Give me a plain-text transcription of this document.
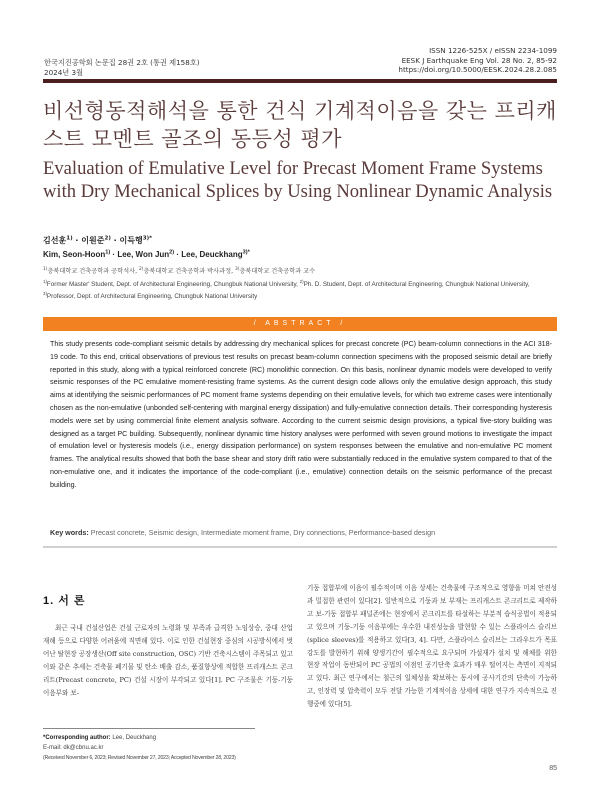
한국지진공학회 논문집 28권 2호 (통권 제158호)
2024년 3월
ISSN 1226-525X / eISSN 2234-1099
EESK J Earthquake Eng Vol. 28 No. 2, 85-92
https://doi.org/10.5000/EESK.2024.28.2.085
비선형동적해석을 통한 건식 기계적이음을 갖는 프리캐스트 모멘트 골조의 동등성 평가
Evaluation of Emulative Level for Precast Moment Frame Systems with Dry Mechanical Splices by Using Nonlinear Dynamic Analysis
김선훈$^{1)}$ · 이원준$^{2)}$ · 이득행$^{3)*}$
Kim, Seon-Hoon$^{1)}$ · Lee, Won Jun$^{2)}$ · Lee, Deuckhang$^{3)*}$
$^{1)}$충북대학교 건축공학과 공학석사, $^{2)}$충북대학교 건축공학과 박사과정, $^{3)}$충북대학교 건축공학과 교수
$^{1)}$Former Master' Student, Dept. of Architectural Engineering, Chungbuk National University, $^{2)}$Ph. D. Student, Dept. of Architectural Engineering, Chungbuk National University, $^{3)}$Professor, Dept. of Architectural Engineering, Chungbuk National University
/ ABSTRACT /
This study presents code-compliant seismic details by addressing dry mechanical splices for precast concrete (PC) beam-column connections in the ACI 318-19 code. To this end, critical observations of previous test results on precast beam-column connection specimens with the proposed seismic detail are briefly reported in this study, along with a typical reinforced concrete (RC) monolithic connection. On this basis, nonlinear dynamic models were developed to verify seismic responses of the PC emulative moment-resisting frame systems. As the current design code allows only the emulative design approach, this study aims at identifying the seismic performances of PC moment frame systems depending on their emulative levels, for which two extreme cases were intentionally chosen as the non-emulative (unbonded self-centering with marginal energy dissipation) and fully-emulative connection details. Their corresponding hysteresis models were set by using commercial finite element analysis software. According to the current seismic design provisions, a typical five-story building was designed as a target PC building. Subsequently, nonlinear dynamic time history analyses were performed with seven ground motions to investigate the impact of emulation level or hysteresis models (i.e., energy dissipation performance) on system responses between the emulative and non-emulative PC moment frames. The analytical results showed that both the base shear and story drift ratio were substantially reduced in the emulative system compared to that of the non-emulative one, and it indicates the importance of the code-compliant (i.e., emulative) connection details on the seismic performance of the precast building.
Key words: Precast concrete, Seismic design, Intermediate moment frame, Dry connections, Performance-based design
1. 서 론

최근 국내 건설산업은 건설 근로자의 노령화 및 부족과 급격한 노임상승, 중대 산업재해 등으로 다양한 어려움에 직면해 있다. 이로 인한 건설현장 중심의 시공방식에서 벗어난 탈현장 공장생산(Off site construction, OSC) 기반 건축시스템이 주목되고 있고 이와 같은 추세는 건축물 폐기물 및 탄소 배출 감소, 품질향상에 적합한 프리캐스트 콘크리트(Precast concrete, PC) 건설 시장이 부각되고 있다[1]. PC 구조물은 기둥-기둥 이음부와 보-

기둥 접합부에 이음이 필수적이며 이음 상세는 건축물에 구조적으로 영향을 미쳐 안전성과 밀접한 관련이 있다[2]. 일반적으로 기둥과 보 부재는 프리캐스트 콘크리트로 제작하고 보-기둥 접합부 패널존에는 현장에서 콘크리트를 타설하는 부분적 습식공법이 적용되고 있으며 기둥-기둥 이음부에는 우수한 내진성능을 발현할 수 있는 스플라이스 슬리브(splice sleeves)를 적용하고 있다[3, 4]. 다만, 스플라이스 슬리브는 그라우트가 목표 강도를 발현하기 위해 양생기간이 필수적으로 요구되며 가설재가 설치 및 해체를 위한 현장 작업이 동반되어 PC 공법의 이점인 공기단축 효과가 매우 떨어지는 측면이 지적되고 있다. 최근 연구에서는 철근의 일체성을 확보하는 동시에 공사기간의 단축이 가능하고, 인장력 및 압축력이 모두 전달 가능한 기계적이음 상세에 대한 연구가 지속적으로 진행중에 있다[5].

*Corresponding author: Lee, Deuckhang
E-mail: dk@cbnu.ac.kr
(Received November 6, 2023; Revised November 27, 2023; Accepted November 28, 2023)
85
